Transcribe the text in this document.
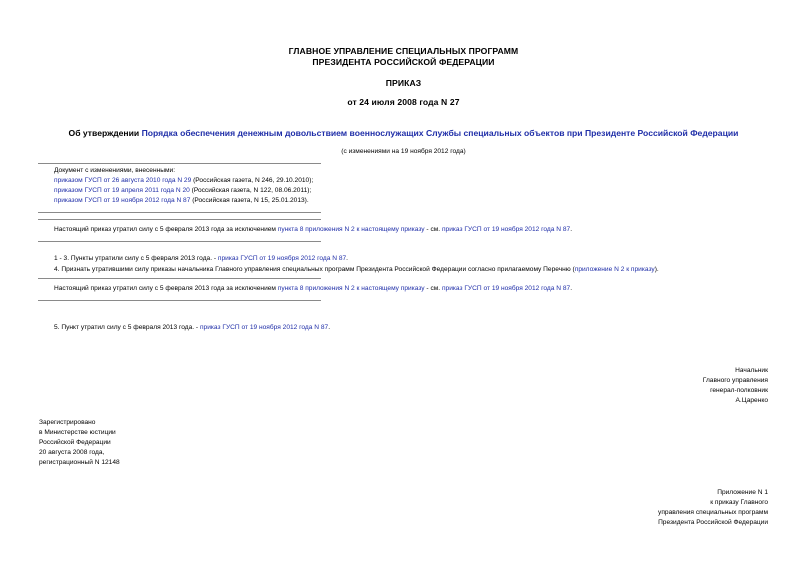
ГЛАВНОЕ УПРАВЛЕНИЕ СПЕЦИАЛЬНЫХ ПРОГРАММ
ПРЕЗИДЕНТА РОССИЙСКОЙ ФЕДЕРАЦИИ
ПРИКАЗ
от 24 июля 2008 года N 27
Об утверждении Порядка обеспечения денежным довольствием военнослужащих Службы специальных объектов при Президенте Российской Федерации
(с изменениями на 19 ноября 2012 года)
Документ с изменениями, внесенными:
приказом ГУСП от 26 августа 2010 года N 29 (Российская газета, N 246, 29.10.2010);
приказом ГУСП от 19 апреля 2011 года N 20 (Российская газета, N 122, 08.06.2011);
приказом ГУСП от 19 ноября 2012 года N 87 (Российская газета, N 15, 25.01.2013).
Настоящий приказ утратил силу с 5 февраля 2013 года за исключением пункта 8 приложения N 2 к настоящему приказу - см. приказ ГУСП от 19 ноября 2012 года N 87.
1 - 3. Пункты утратили силу с 5 февраля 2013 года. - приказ ГУСП от 19 ноября 2012 года N 87.
4. Признать утратившими силу приказы начальника Главного управления специальных программ Президента Российской Федерации согласно прилагаемому Перечню (приложение N 2 к приказу).
Настоящий приказ утратил силу с 5 февраля 2013 года за исключением пункта 8 приложения N 2 к настоящему приказу - см. приказ ГУСП от 19 ноября 2012 года N 87.
5. Пункт утратил силу с 5 февраля 2013 года. - приказ ГУСП от 19 ноября 2012 года N 87.
Начальник
Главного управления
генерал-полковник
А.Царенко
Зарегистрировано
в Министерстве юстиции
Российской Федерации
20 августа 2008 года,
регистрационный N 12148
Приложение N 1
к приказу Главного
управления специальных программ
Президента Российской Федерации
